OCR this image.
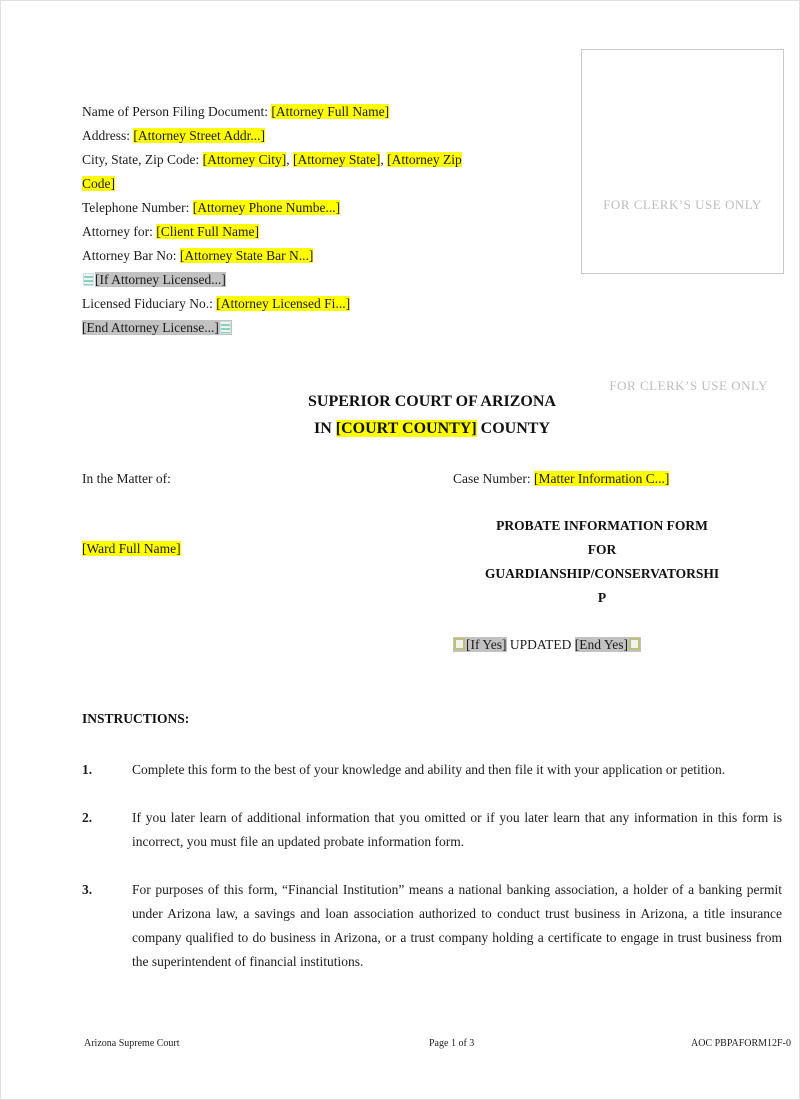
Name of Person Filing Document: [Attorney Full Name]
Address: [Attorney Street Addr...]
City, State, Zip Code: [Attorney City], [Attorney State], [Attorney Zip
Code]
Telephone Number: [Attorney Phone Numbe...]
Attorney for: [Client Full Name]
Attorney Bar No: [Attorney State Bar N...]
[If Attorney Licensed...]
Licensed Fiduciary No.: [Attorney Licensed Fi...]
[End Attorney License...]
FOR CLERK’S USE ONLY
FOR CLERK’S USE ONLY
SUPERIOR COURT OF ARIZONA
IN [COURT COUNTY] COUNTY
In the Matter of:	Case Number: [Matter Information C...]
[Ward Full Name]
PROBATE INFORMATION FORM
FOR
GUARDIANSHIP/CONSERVATORSHI
P
[If Yes] UPDATED [End Yes]
INSTRUCTIONS:
1.	Complete this form to the best of your knowledge and ability and then file it with your application or petition.
2.	If you later learn of additional information that you omitted or if you later learn that any information in this form is incorrect, you must file an updated probate information form.
3.	For purposes of this form, “Financial Institution” means a national banking association, a holder of a banking permit under Arizona law, a savings and loan association authorized to conduct trust business in Arizona, a title insurance company qualified to do business in Arizona, or a trust company holding a certificate to engage in trust business from the superintendent of financial institutions.
Arizona Supreme Court	Page 1 of 3	AOC PBPAFORM12F-0
